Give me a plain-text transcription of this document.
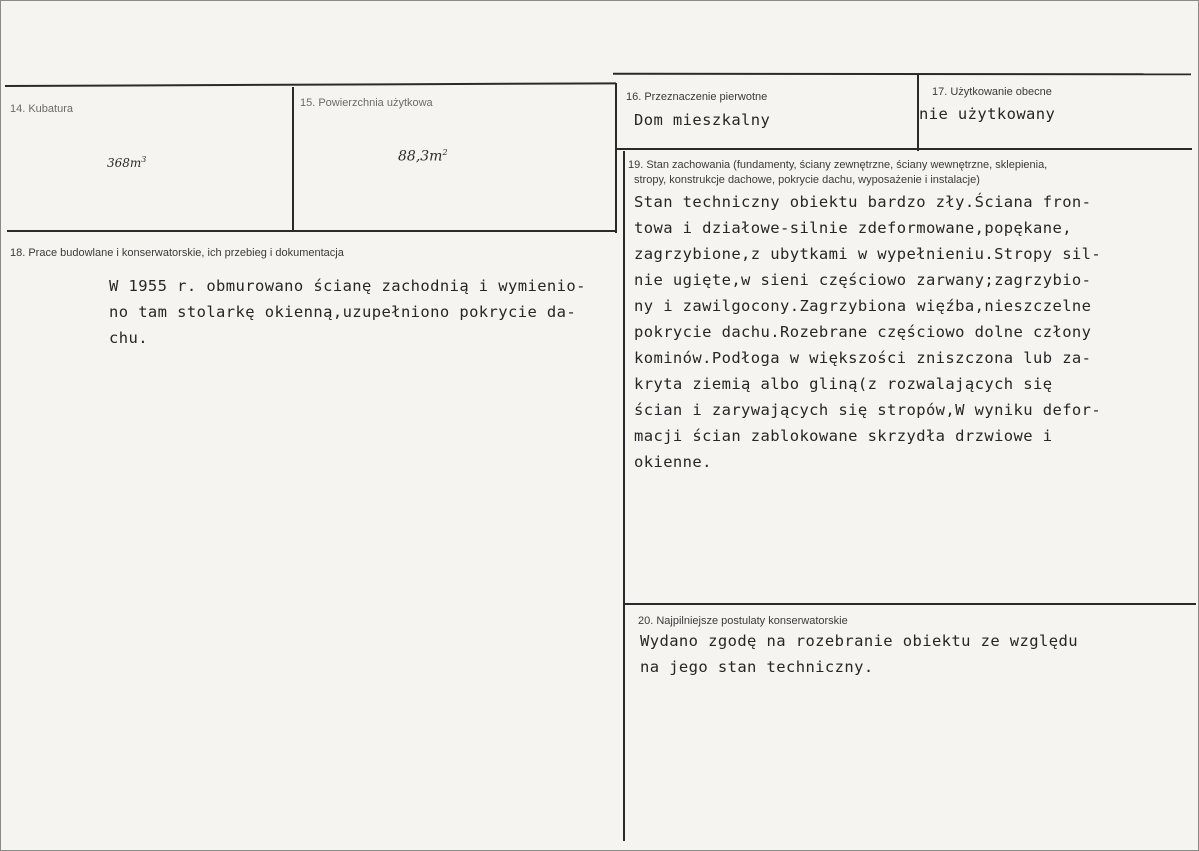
14. Kubatura
$368m^3$
15. Powierzchnia użytkowa
$88,3m^2$
16. Przeznaczenie pierwotne
Dom mieszkalny
17. Użytkowanie obecne
nie użytkowany
18. Prace budowlane i konserwatorskie, ich przebieg i dokumentacja
W 1955 r. obmurowano ścianę zachodnią i wymienio-
no tam stolarkę okienną,uzupełniono pokrycie da-
chu.
19. Stan zachowania (fundamenty, ściany zewnętrzne, ściany wewnętrzne, sklepienia,
stropy, konstrukcje dachowe, pokrycie dachu, wyposażenie i instalacje)
Stan techniczny obiektu bardzo zły.Ściana fron-
towa i działowe-silnie zdeformowane,popękane,
zagrzybione,z ubytkami w wypełnieniu.Stropy sil-
nie ugięte,w sieni częściowo zarwany;zagrzybio-
ny i zawilgocony.Zagrzybiona więźba,nieszczelne
pokrycie dachu.Rozebrane częściowo dolne człony
kominów.Podłoga w większości zniszczona lub za-
kryta ziemią albo gliną(z rozwalających się
ścian i zarywających się stropów,W wyniku defor-
macji ścian zablokowane skrzydła drzwiowe i
okienne.
20. Najpilniejsze postulaty konserwatorskie
Wydano zgodę na rozebranie obiektu ze względu
na jego stan techniczny.
